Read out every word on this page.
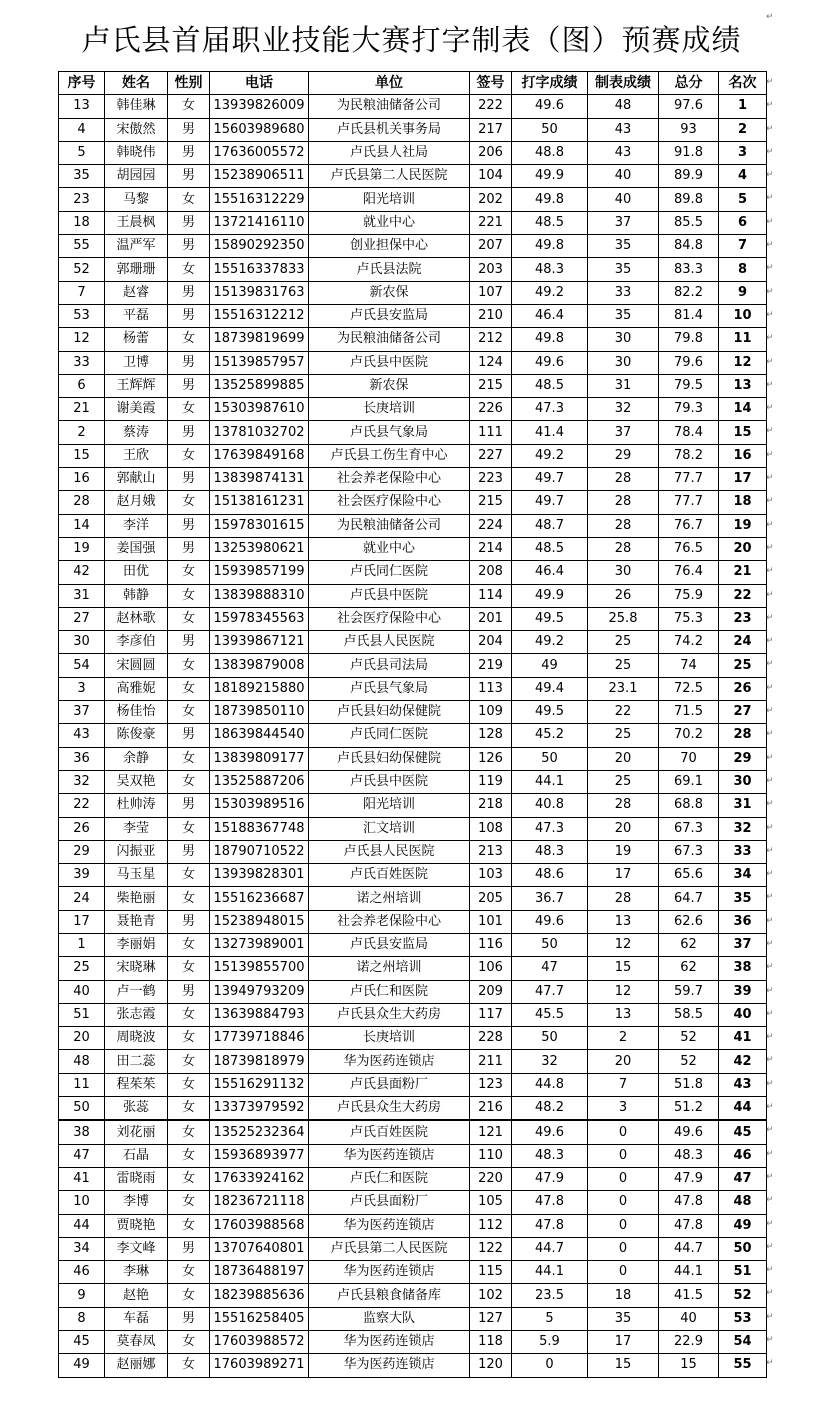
卢氏县首届职业技能大赛打字制表（图）预赛成绩
↵
序号	姓名	性别	电话	单位	签号	打字成绩	制表成绩	总分	名次
13	韩佳琳	女	13939826009	为民粮油储备公司	222	49.6	48	97.6	1
4	宋傲然	男	15603989680	卢氏县机关事务局	217	50	43	93	2
5	韩晓伟	男	17636005572	卢氏县人社局	206	48.8	43	91.8	3
35	胡园园	男	15238906511	卢氏县第二人民医院	104	49.9	40	89.9	4
23	马黎	女	15516312229	阳光培训	202	49.8	40	89.8	5
18	王晨枫	男	13721416110	就业中心	221	48.5	37	85.5	6
55	温严军	男	15890292350	创业担保中心	207	49.8	35	84.8	7
52	郭珊珊	女	15516337833	卢氏县法院	203	48.3	35	83.3	8
7	赵睿	男	15139831763	新农保	107	49.2	33	82.2	9
53	平磊	男	15516312212	卢氏县安监局	210	46.4	35	81.4	10
12	杨蕾	女	18739819699	为民粮油储备公司	212	49.8	30	79.8	11
33	卫博	男	15139857957	卢氏县中医院	124	49.6	30	79.6	12
6	王辉辉	男	13525899885	新农保	215	48.5	31	79.5	13
21	谢美霞	女	15303987610	长庚培训	226	47.3	32	79.3	14
2	蔡涛	男	13781032702	卢氏县气象局	111	41.4	37	78.4	15
15	王欣	女	17639849168	卢氏县工伤生育中心	227	49.2	29	78.2	16
16	郭献山	男	13839874131	社会养老保险中心	223	49.7	28	77.7	17
28	赵月娥	女	15138161231	社会医疗保险中心	215	49.7	28	77.7	18
14	李洋	男	15978301615	为民粮油储备公司	224	48.7	28	76.7	19
19	姜国强	男	13253980621	就业中心	214	48.5	28	76.5	20
42	田优	女	15939857199	卢氏同仁医院	208	46.4	30	76.4	21
31	韩静	女	13839888310	卢氏县中医院	114	49.9	26	75.9	22
27	赵林歌	女	15978345563	社会医疗保险中心	201	49.5	25.8	75.3	23
30	李彦伯	男	13939867121	卢氏县人民医院	204	49.2	25	74.2	24
54	宋圆圆	女	13839879008	卢氏县司法局	219	49	25	74	25
3	高雅妮	女	18189215880	卢氏县气象局	113	49.4	23.1	72.5	26
37	杨佳怡	女	18739850110	卢氏县妇幼保健院	109	49.5	22	71.5	27
43	陈俊豪	男	18639844540	卢氏同仁医院	128	45.2	25	70.2	28
36	余静	女	13839809177	卢氏县妇幼保健院	126	50	20	70	29
32	吴双艳	女	13525887206	卢氏县中医院	119	44.1	25	69.1	30
22	杜帅涛	男	15303989516	阳光培训	218	40.8	28	68.8	31
26	李莹	女	15188367748	汇文培训	108	47.3	20	67.3	32
29	闪振亚	男	18790710522	卢氏县人民医院	213	48.3	19	67.3	33
39	马玉星	女	13939828301	卢氏百姓医院	103	48.6	17	65.6	34
24	柴艳丽	女	15516236687	诺之州培训	205	36.7	28	64.7	35
17	聂艳青	男	15238948015	社会养老保险中心	101	49.6	13	62.6	36
1	李丽娟	女	13273989001	卢氏县安监局	116	50	12	62	37
25	宋晓琳	女	15139855700	诺之州培训	106	47	15	62	38
40	卢一鹤	男	13949793209	卢氏仁和医院	209	47.7	12	59.7	39
51	张志霞	女	13639884793	卢氏县众生大药房	117	45.5	13	58.5	40
20	周晓波	女	17739718846	长庚培训	228	50	2	52	41
48	田二蕊	女	18739818979	华为医药连锁店	211	32	20	52	42
11	程茱茱	女	15516291132	卢氏县面粉厂	123	44.8	7	51.8	43
50	张蕊	女	13373979592	卢氏县众生大药房	216	48.2	3	51.2	44
38	刘花丽	女	13525232364	卢氏百姓医院	121	49.6	0	49.6	45
47	石晶	女	15936893977	华为医药连锁店	110	48.3	0	48.3	46
41	雷晓雨	女	17633924162	卢氏仁和医院	220	47.9	0	47.9	47
10	李博	女	18236721118	卢氏县面粉厂	105	47.8	0	47.8	48
44	贾晓艳	女	17603988568	华为医药连锁店	112	47.8	0	47.8	49
34	李文峰	男	13707640801	卢氏县第二人民医院	122	44.7	0	44.7	50
46	李琳	女	18736488197	华为医药连锁店	115	44.1	0	44.1	51
9	赵艳	女	18239885636	卢氏县粮食储备库	102	23.5	18	41.5	52
8	车磊	男	15516258405	监察大队	127	5	35	40	53
45	莫春凤	女	17603988572	华为医药连锁店	118	5.9	17	22.9	54
49	赵丽娜	女	17603989271	华为医药连锁店	120	0	15	15	55
↵
↵
↵
↵
↵
↵
↵
↵
↵
↵
↵
↵
↵
↵
↵
↵
↵
↵
↵
↵
↵
↵
↵
↵
↵
↵
↵
↵
↵
↵
↵
↵
↵
↵
↵
↵
↵
↵
↵
↵
↵
↵
↵
↵
↵
↵
↵
↵
↵
↵
↵
↵
↵
↵
↵
↵
